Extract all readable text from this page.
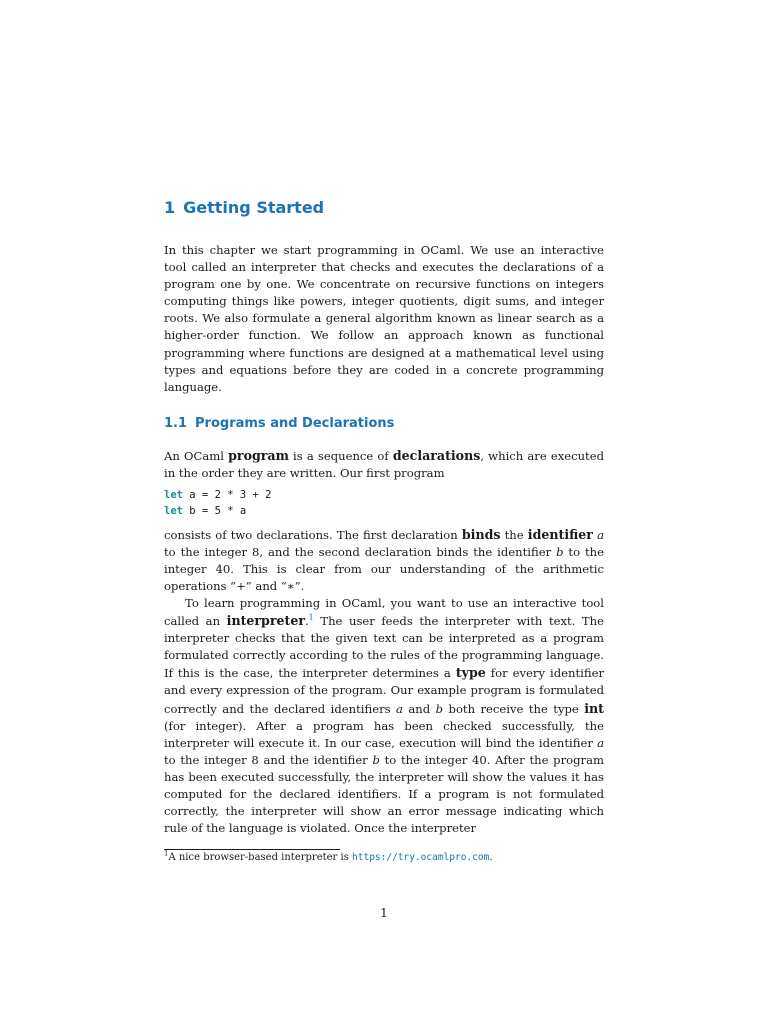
1 Getting Started

In this chapter we start programming in OCaml. We use an interactive tool called an interpreter that checks and executes the declarations of a program one by one. We concentrate on recursive functions on integers computing things like powers, integer quotients, digit sums, and integer roots. We also formulate a general algorithm known as linear search as a higher-order function. We follow an approach known as functional programming where functions are designed at a mathematical level using types and equations before they are coded in a concrete programming language.

1.1 Programs and Declarations

An OCaml program is a sequence of declarations, which are executed in the order they are written. Our first program

let a = 2 * 3 + 2
let b = 5 * a

consists of two declarations. The first declaration binds the identifier a to the integer 8, and the second declaration binds the identifier b to the integer 40. This is clear from our understanding of the arithmetic operations “+” and “∗”.

To learn programming in OCaml, you want to use an interactive tool called an interpreter.$^1$ The user feeds the interpreter with text. The interpreter checks that the given text can be interpreted as a program formulated correctly according to the rules of the programming language. If this is the case, the interpreter determines a type for every identifier and every expression of the program. Our example program is formulated correctly and the declared identifiers a and b both receive the type int (for integer). After a program has been checked successfully, the interpreter will execute it. In our case, execution will bind the identifier a to the integer 8 and the identifier b to the integer 40. After the program has been executed successfully, the interpreter will show the values it has computed for the declared identifiers. If a program is not formulated correctly, the interpreter will show an error message indicating which rule of the language is violated. Once the interpreter

$^1$A nice browser-based interpreter is https://try.ocamlpro.com.

1
